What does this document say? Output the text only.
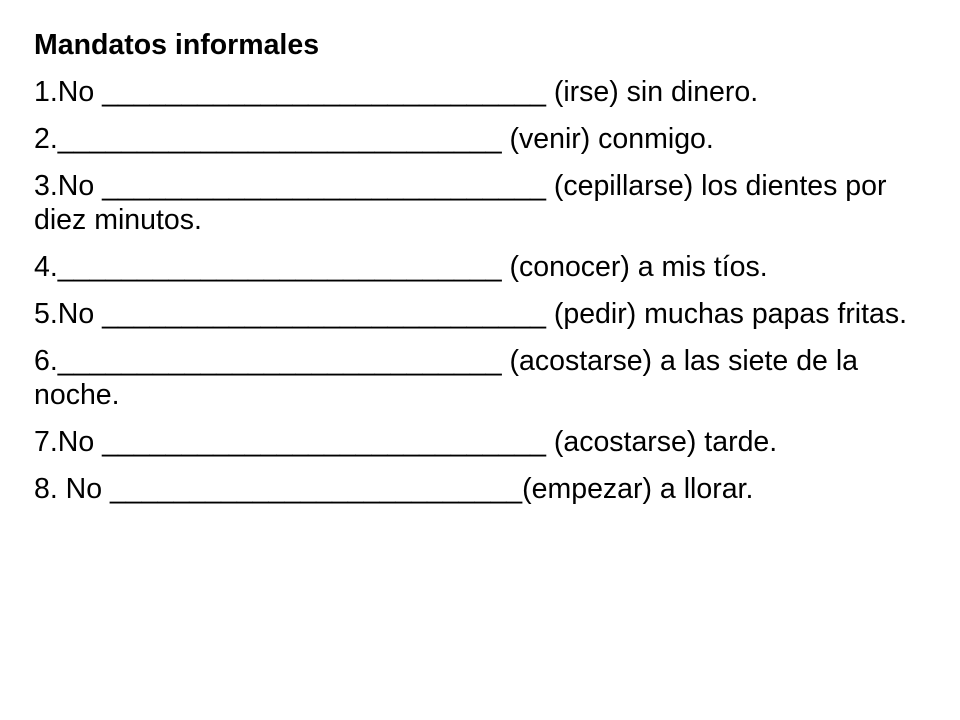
Mandatos informales
1.No ____________________________ (irse) sin dinero.
2.____________________________ (venir) conmigo.
3.No ____________________________ (cepillarse) los dientes por diez minutos.
4.____________________________ (conocer) a mis tíos.
5.No ____________________________ (pedir) muchas papas fritas.
6.____________________________ (acostarse) a las siete de la noche.
7.No ____________________________ (acostarse) tarde.
8. No __________________________(empezar) a llorar.
